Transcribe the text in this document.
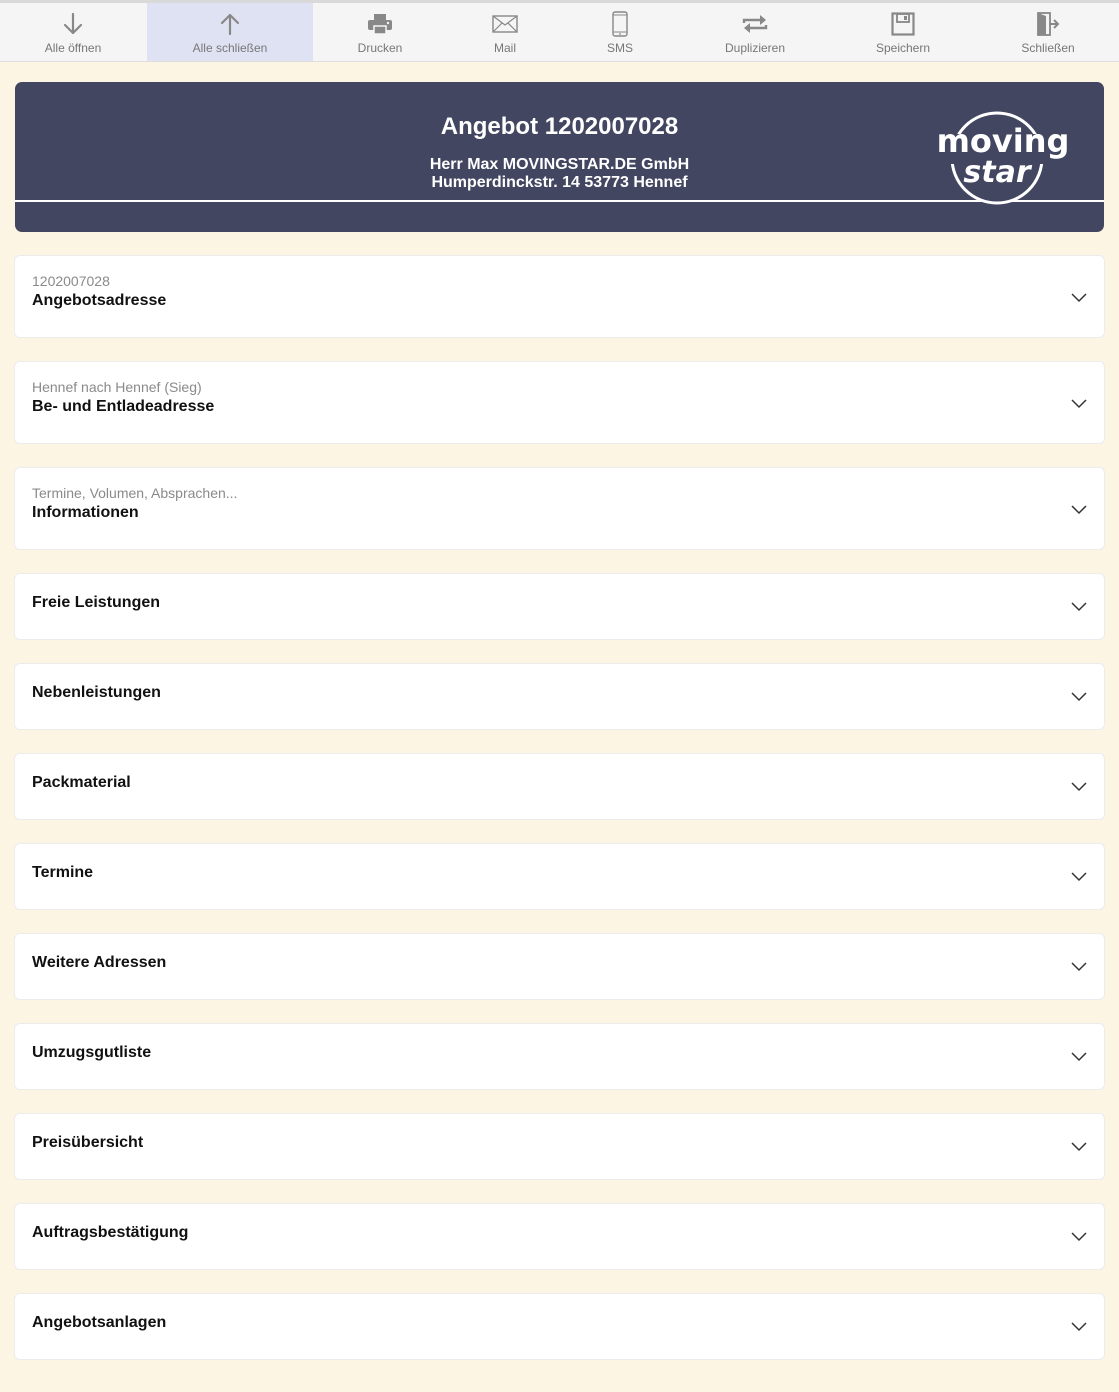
Alle öffnen	Alle schließen	Drucken	Mail	SMS	Duplizieren	Speichern	Schließen
Angebot 1202007028
Herr Max MOVINGSTAR.DE GmbH
Humperdinckstr. 14 53773 Hennef
moving
star
1202007028
Angebotsadresse
Hennef nach Hennef (Sieg)
Be- und Entladeadresse
Termine, Volumen, Absprachen...
Informationen
Freie Leistungen
Nebenleistungen
Packmaterial
Termine
Weitere Adressen
Umzugsgutliste
Preisübersicht
Auftragsbestätigung
Angebotsanlagen
